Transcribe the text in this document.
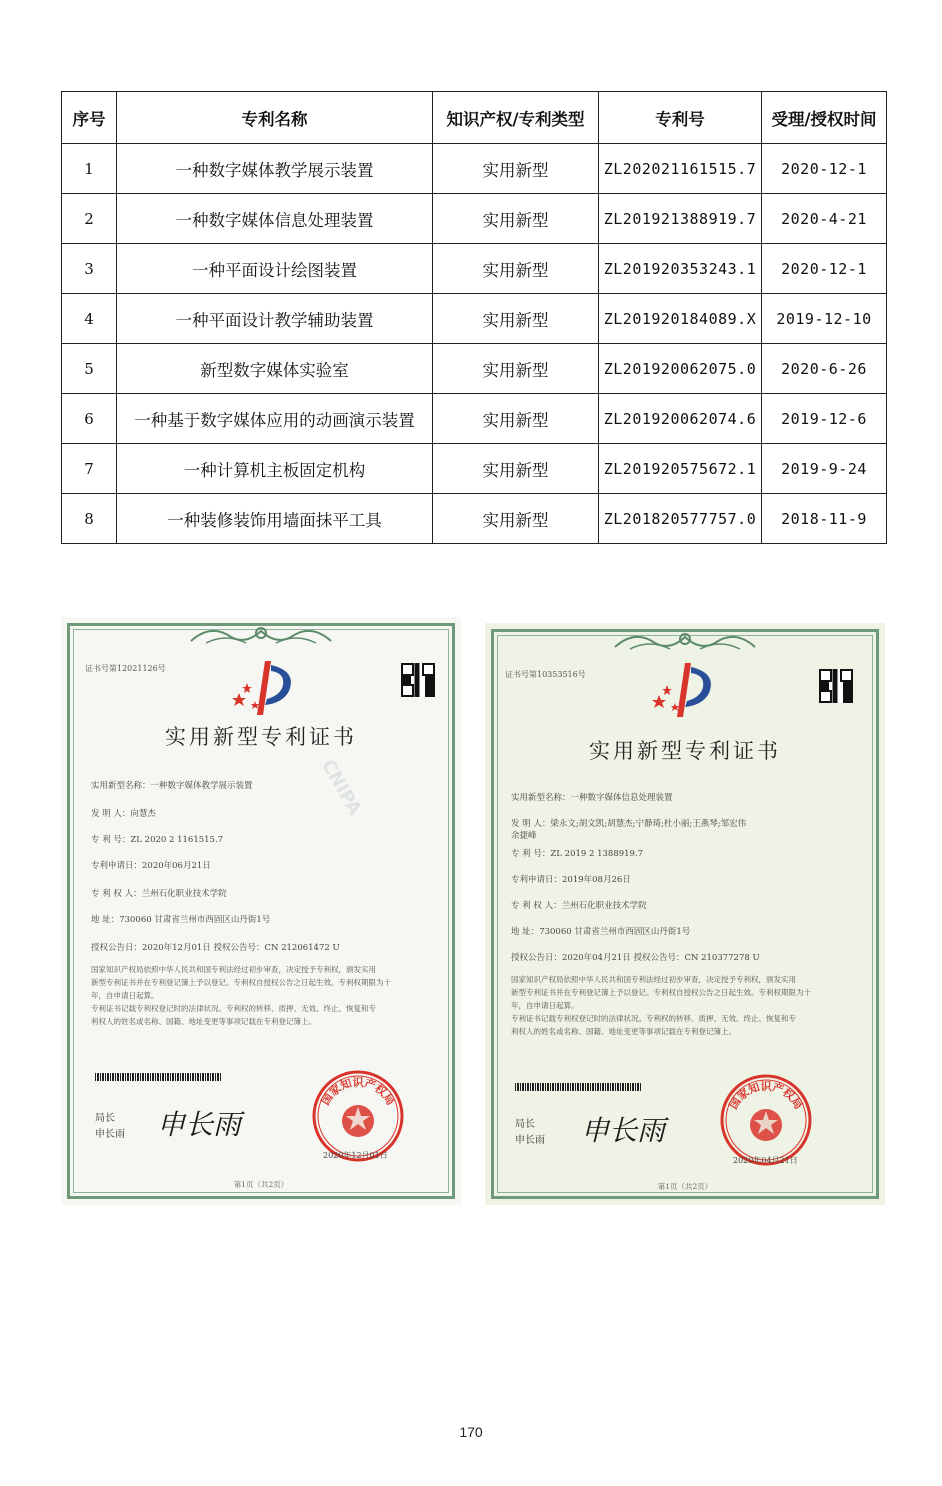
序号	专利名称	知识产权/专利类型	专利号	受理/授权时间
1	一种数字媒体教学展示装置	实用新型	ZL202021161515.7	2020-12-1
2	一种数字媒体信息处理装置	实用新型	ZL201921388919.7	2020-4-21
3	一种平面设计绘图装置	实用新型	ZL201920353243.1	2020-12-1
4	一种平面设计教学辅助装置	实用新型	ZL201920184089.X	2019-12-10
5	新型数字媒体实验室	实用新型	ZL201920062075.0	2020-6-26
6	一种基于数字媒体应用的动画演示装置	实用新型	ZL201920062074.6	2019-12-6
7	一种计算机主板固定机构	实用新型	ZL201920575672.1	2019-9-24
8	一种装修装饰用墙面抹平工具	实用新型	ZL201820577757.0	2018-11-9
证书号第12021126号
CNIPA
实用新型专利证书
实用新型名称：一种数字媒体教学展示装置
发 明 人：向慧杰
专 利 号：ZL 2020 2 1161515.7
专利申请日：2020年06月21日
专 利 权 人：兰州石化职业技术学院
地 址：730060 甘肃省兰州市西固区山丹街1号
授权公告日：2020年12月01日 授权公告号：CN 212061472 U
国家知识产权局依照中华人民共和国专利法经过初步审查，决定授予专利权，颁发实用
新型专利证书并在专利登记簿上予以登记。专利权自授权公告之日起生效。专利权期限为十
年，自申请日起算。
专利证书记载专利权登记时的法律状况。专利权的转移、质押、无效、终止、恢复和专
利权人的姓名或名称、国籍、地址变更等事项记载在专利登记簿上。
局长
申长雨 申长雨
国家知识产权局
2020年12月01日
第1页（共2页）
证书号第10353516号
实用新型专利证书
实用新型名称：一种数字媒体信息处理装置
发 明 人：梁永文;胡文凯;胡慧杰;宁静琦;杜小丽;王燕琴;邹宏伟
余捷峰
专 利 号：ZL 2019 2 1388919.7
专利申请日：2019年08月26日
专 利 权 人：兰州石化职业技术学院
地 址：730060 甘肃省兰州市西固区山丹街1号
授权公告日：2020年04月21日 授权公告号：CN 210377278 U
国家知识产权局依照中华人民共和国专利法经过初步审查，决定授予专利权，颁发实用
新型专利证书并在专利登记簿上予以登记。专利权自授权公告之日起生效。专利权期限为十
年，自申请日起算。
专利证书记载专利权登记时的法律状况。专利权的转移、质押、无效、终止、恢复和专
利权人的姓名或名称、国籍、地址变更等事项记载在专利登记簿上。
局长
申长雨 申长雨
国家知识产权局
2020年04月21日
第1页（共2页）
170
